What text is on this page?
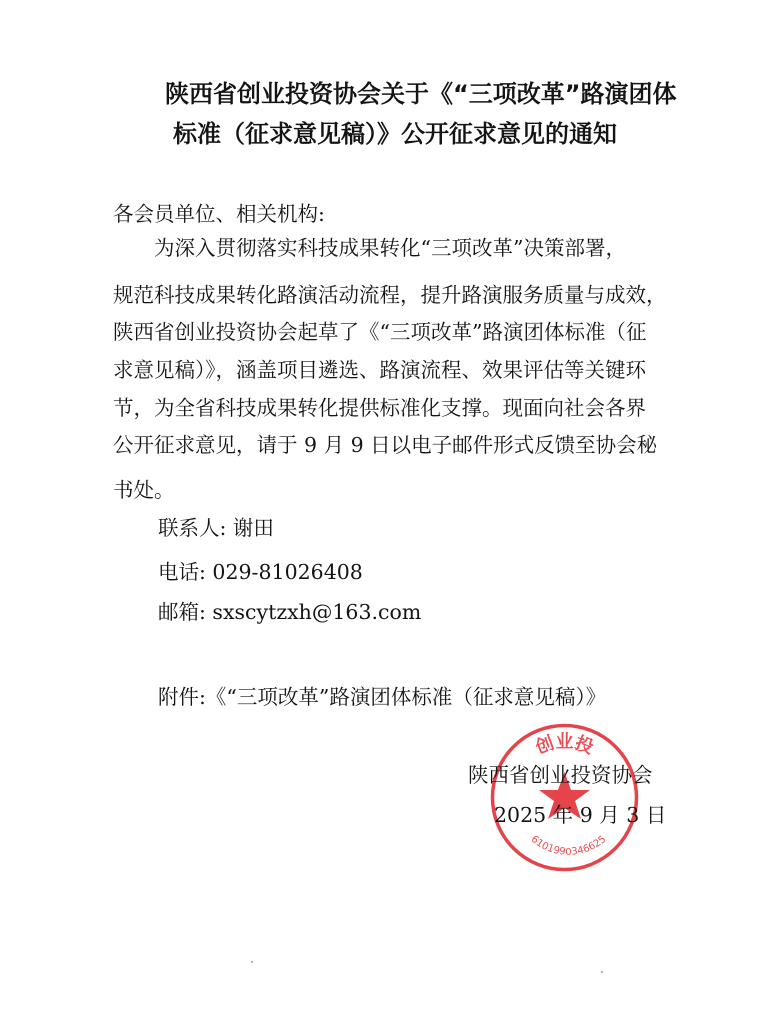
陕西省创业投资协会关于《“三项改革”路演团体
标准（征求意见稿）》公开征求意见的通知
各会员单位、相关机构:
　　为深入贯彻落实科技成果转化“三项改革”决策部署，
规范科技成果转化路演活动流程，提升路演服务质量与成效，
陕西省创业投资协会起草了《“三项改革”路演团体标准（征
求意见稿）》，涵盖项目遴选、路演流程、效果评估等关键环
节，为全省科技成果转化提供标准化支撑。现面向社会各界
公开征求意见，请于 9 月 9 日以电子邮件形式反馈至协会秘
书处。
联系人: 谢田
电话: 029-81026408
邮箱: sxscytzxh@163.com
附件:《“三项改革”路演团体标准（征求意见稿）》
创业投
6101990346625
陕西省创业投资协会
2025 年 9 月 3 日
